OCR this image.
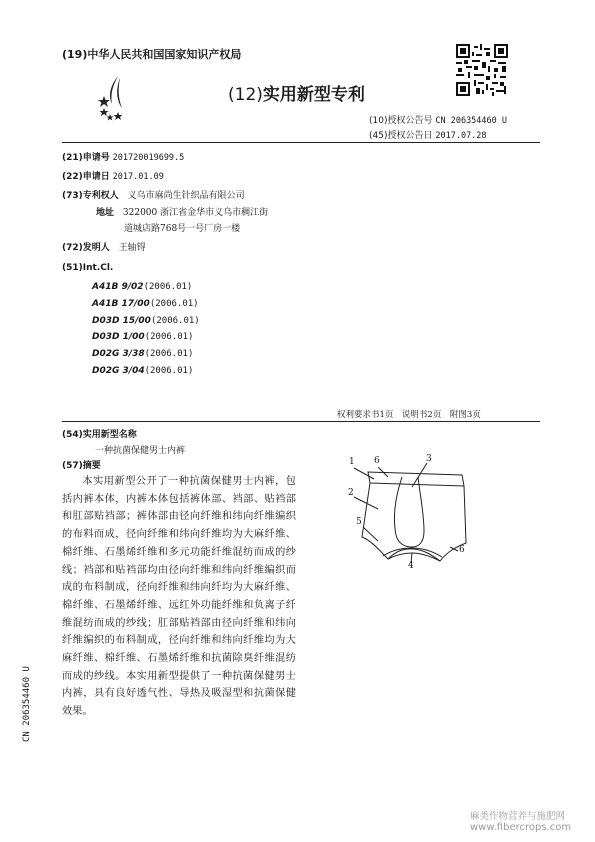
(19)中华人民共和国国家知识产权局
(12)实用新型专利
(10)授权公告号 CN 206354460 U
(45)授权公告日 2017.07.28
(21)申请号 201720019699.5
(22)申请日 2017.01.09
(73)专利权人 义乌市麻尚生针织品有限公司
地址 322000 浙江省金华市义乌市稠江街
道城店路768号一号厂房一楼
(72)发明人 王轴锝
(51)Int.Cl.
A41B 9/02(2006.01)
A41B 17/00(2006.01)
D03D 15/00(2006.01)
D03D 1/00(2006.01)
D02G 3/38(2006.01)
D02G 3/04(2006.01)
权利要求书1页　说明书2页　附图3页
(54)实用新型名称
一种抗菌保健男士内裤
(57)摘要
本实用新型公开了一种抗菌保健男士内裤，包括内裤本体，内裤本体包括裤体部、裆部、贴裆部和肛部贴裆部；裤体部由径向纤维和纬向纤维编织的布料而成，径向纤维和纬向纤维均为大麻纤维、棉纤维、石墨烯纤维和多元功能纤维混纺而成的纱线；裆部和贴裆部均由径向纤维和纬向纤维编织而成的布料制成，径向纤维和纬向纤均为大麻纤维、棉纤维、石墨烯纤维、远红外功能纤维和负离子纤维混纺而成的纱线；肛部贴裆部由径向纤维和纬向纤维编织的布料制成，径向纤维和纬向纤维均为大麻纤维、棉纤维、石墨烯纤维和抗菌除臭纤维混纺而成的纱线。本实用新型提供了一种抗菌保健男士内裤，具有良好透气性、导热及吸湿型和抗菌保健效果。
1 6	3
2
5
4
6
CN 206354460 U
麻类作物营养与施肥网
www.fibercrops.com
